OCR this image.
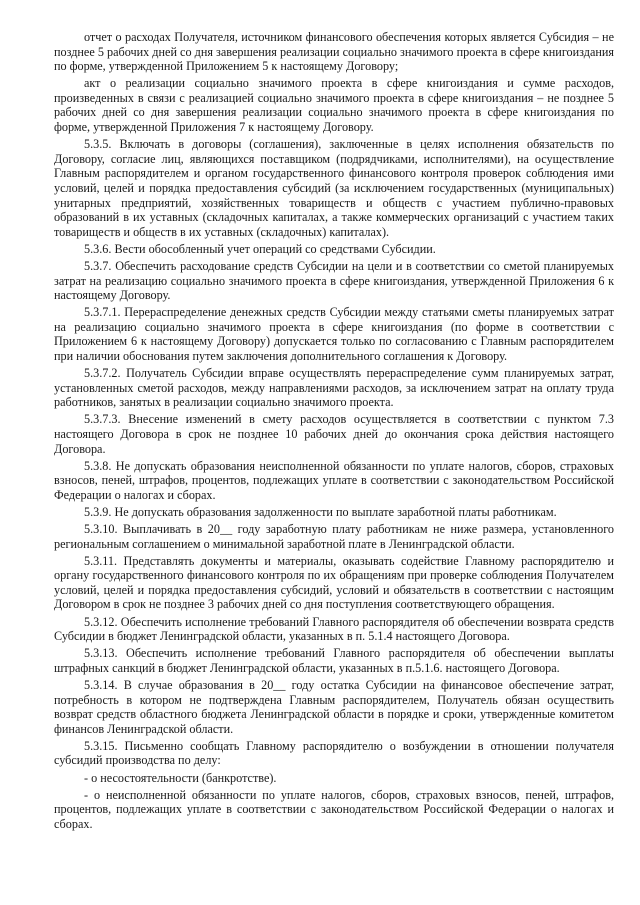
отчет о расходах Получателя, источником финансового обеспечения которых является Субсидия – не позднее 5 рабочих дней со дня завершения реализации социально значимого проекта в сфере книгоиздания по форме, утвержденной Приложением 5 к настоящему Договору;

акт о реализации социально значимого проекта в сфере книгоиздания и сумме расходов, произведенных в связи с реализацией социально значимого проекта в сфере книгоиздания – не позднее 5 рабочих дней со дня завершения реализации социально значимого проекта в сфере книгоиздания по форме, утвержденной Приложения 7 к настоящему Договору.

5.3.5. Включать в договоры (соглашения), заключенные в целях исполнения обязательств по Договору, согласие лиц, являющихся поставщиком (подрядчиками, исполнителями), на осуществление Главным распорядителем и органом государственного финансового контроля проверок соблюдения ими условий, целей и порядка предоставления субсидий (за исключением государственных (муниципальных) унитарных предприятий, хозяйственных товариществ и обществ с участием публично-правовых образований в их уставных (складочных капиталах, а также коммерческих организаций с участием таких товариществ и обществ в их уставных (складочных) капиталах).

5.3.6. Вести обособленный учет операций со средствами Субсидии.

5.3.7. Обеспечить расходование средств Субсидии на цели и в соответствии со сметой планируемых затрат на реализацию социально значимого проекта в сфере книгоиздания, утвержденной Приложения 6 к настоящему Договору.

5.3.7.1. Перераспределение денежных средств Субсидии между статьями сметы планируемых затрат на реализацию социально значимого проекта в сфере книгоиздания (по форме в соответствии с Приложением 6 к настоящему Договору) допускается только по согласованию с Главным распорядителем при наличии обоснования путем заключения дополнительного соглашения к Договору.

5.3.7.2. Получатель Субсидии вправе осуществлять перераспределение сумм планируемых затрат, установленных сметой расходов, между направлениями расходов, за исключением затрат на оплату труда работников, занятых в реализации социально значимого проекта.

5.3.7.3. Внесение изменений в смету расходов осуществляется в соответствии с пунктом 7.3 настоящего Договора в срок не позднее 10 рабочих дней до окончания срока действия настоящего Договора.

5.3.8. Не допускать образования неисполненной обязанности по уплате налогов, сборов, страховых взносов, пеней, штрафов, процентов, подлежащих уплате в соответствии с законодательством Российской Федерации о налогах и сборах.

5.3.9. Не допускать образования задолженности по выплате заработной платы работникам.

5.3.10. Выплачивать в 20__ году заработную плату работникам не ниже размера, установленного региональным соглашением о минимальной заработной плате в Ленинградской области.

5.3.11. Представлять документы и материалы, оказывать содействие Главному распорядителю и органу государственного финансового контроля по их обращениям при проверке соблюдения Получателем условий, целей и порядка предоставления субсидий, условий и обязательств в соответствии с настоящим Договором в срок не позднее 3 рабочих дней со дня поступления соответствующего обращения.

5.3.12. Обеспечить исполнение требований Главного распорядителя об обеспечении возврата средств Субсидии в бюджет Ленинградской области, указанных в п. 5.1.4 настоящего Договора.

5.3.13. Обеспечить исполнение требований Главного распорядителя об обеспечении выплаты штрафных санкций в бюджет Ленинградской области, указанных в п.5.1.6. настоящего Договора.

5.3.14. В случае образования в 20__ году остатка Субсидии на финансовое обеспечение затрат, потребность в котором не подтверждена Главным распорядителем, Получатель обязан осуществить возврат средств областного бюджета Ленинградской области в порядке и сроки, утвержденные комитетом финансов Ленинградской области.

5.3.15. Письменно сообщать Главному распорядителю о возбуждении в отношении получателя субсидий производства по делу:

- о несостоятельности (банкротстве).

- о неисполненной обязанности по уплате налогов, сборов, страховых взносов, пеней, штрафов, процентов, подлежащих уплате в соответствии с законодательством Российской Федерации о налогах и сборах.
